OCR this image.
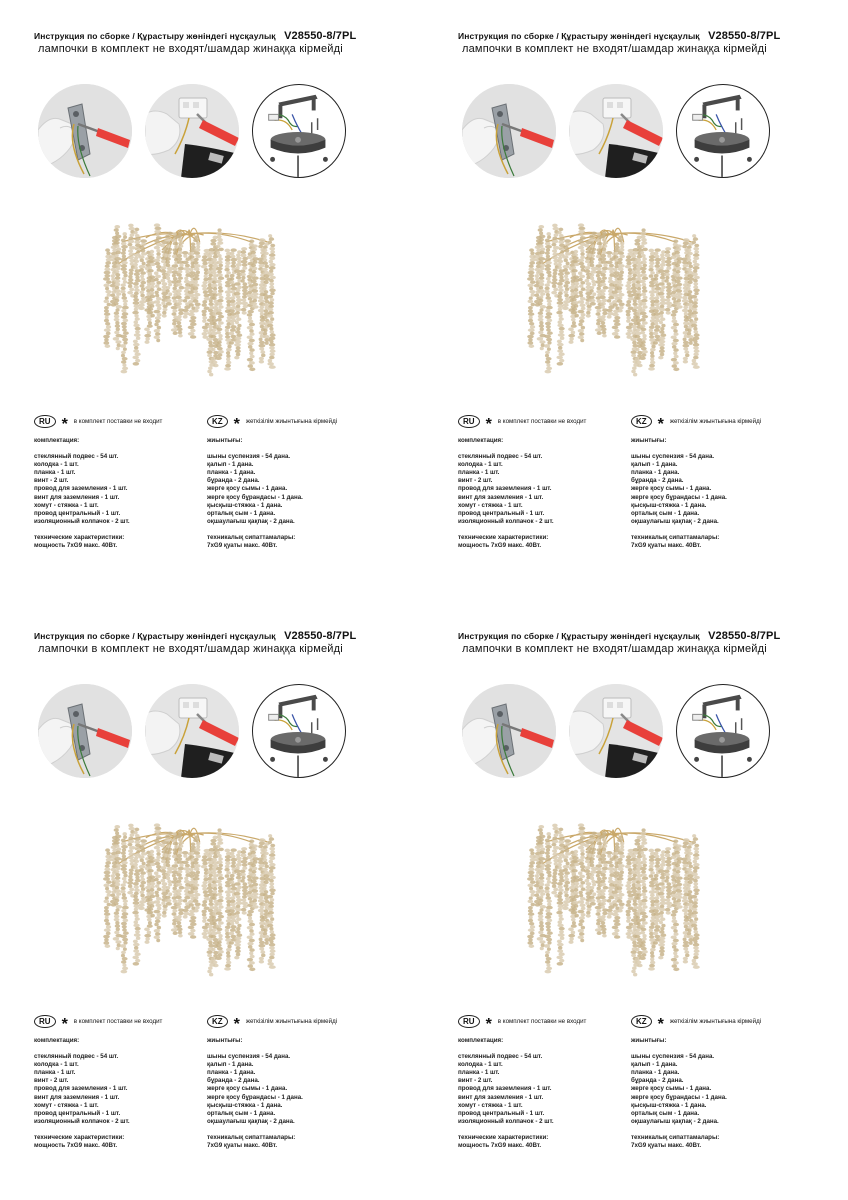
Инструкция по сборке / Құрастыру жөніндегі нұсқаулық V28550-8/7PL
лампочки в комплект не входят/шамдар жинаққа кірмейді
RU * в комплект поставки не входит	KZ * жеткізілім жиынтығына кірмейді
комплектация:
стеклянный подвес - 54 шт.
колодка - 1 шт.
планка - 1 шт.
винт - 2 шт.
провод для заземления - 1 шт.
винт для заземления - 1 шт.
хомут - стяжка - 1 шт.
провод центральный - 1 шт.
изоляционный колпачок - 2 шт.
технические характеристики:
мощность 7хG9 макс. 40Вт.
жиынтығы:
шыны суспензия - 54 дана.
қалып - 1 дана.
планка - 1 дана.
бұранда - 2 дана.
жерге қосу сымы - 1 дана.
жерге қосу бұрандасы - 1 дана.
қысқыш-стяжка - 1 дана.
орталық сым - 1 дана.
оқшаулағыш қақпақ - 2 дана.
техникалық сипаттамалары:
7хG9 қуаты макс. 40Вт.
Инструкция по сборке / Құрастыру жөніндегі нұсқаулық V28550-8/7PL
лампочки в комплект не входят/шамдар жинаққа кірмейді
RU * в комплект поставки не входит	KZ * жеткізілім жиынтығына кірмейді
комплектация:
стеклянный подвес - 54 шт.
колодка - 1 шт.
планка - 1 шт.
винт - 2 шт.
провод для заземления - 1 шт.
винт для заземления - 1 шт.
хомут - стяжка - 1 шт.
провод центральный - 1 шт.
изоляционный колпачок - 2 шт.
технические характеристики:
мощность 7хG9 макс. 40Вт.
жиынтығы:
шыны суспензия - 54 дана.
қалып - 1 дана.
планка - 1 дана.
бұранда - 2 дана.
жерге қосу сымы - 1 дана.
жерге қосу бұрандасы - 1 дана.
қысқыш-стяжка - 1 дана.
орталық сым - 1 дана.
оқшаулағыш қақпақ - 2 дана.
техникалық сипаттамалары:
7хG9 қуаты макс. 40Вт.
Инструкция по сборке / Құрастыру жөніндегі нұсқаулық V28550-8/7PL
лампочки в комплект не входят/шамдар жинаққа кірмейді
RU * в комплект поставки не входит	KZ * жеткізілім жиынтығына кірмейді
комплектация:
стеклянный подвес - 54 шт.
колодка - 1 шт.
планка - 1 шт.
винт - 2 шт.
провод для заземления - 1 шт.
винт для заземления - 1 шт.
хомут - стяжка - 1 шт.
провод центральный - 1 шт.
изоляционный колпачок - 2 шт.
технические характеристики:
мощность 7хG9 макс. 40Вт.
жиынтығы:
шыны суспензия - 54 дана.
қалып - 1 дана.
планка - 1 дана.
бұранда - 2 дана.
жерге қосу сымы - 1 дана.
жерге қосу бұрандасы - 1 дана.
қысқыш-стяжка - 1 дана.
орталық сым - 1 дана.
оқшаулағыш қақпақ - 2 дана.
техникалық сипаттамалары:
7хG9 қуаты макс. 40Вт.
Инструкция по сборке / Құрастыру жөніндегі нұсқаулық V28550-8/7PL
лампочки в комплект не входят/шамдар жинаққа кірмейді
RU * в комплект поставки не входит	KZ * жеткізілім жиынтығына кірмейді
комплектация:
стеклянный подвес - 54 шт.
колодка - 1 шт.
планка - 1 шт.
винт - 2 шт.
провод для заземления - 1 шт.
винт для заземления - 1 шт.
хомут - стяжка - 1 шт.
провод центральный - 1 шт.
изоляционный колпачок - 2 шт.
технические характеристики:
мощность 7хG9 макс. 40Вт.
жиынтығы:
шыны суспензия - 54 дана.
қалып - 1 дана.
планка - 1 дана.
бұранда - 2 дана.
жерге қосу сымы - 1 дана.
жерге қосу бұрандасы - 1 дана.
қысқыш-стяжка - 1 дана.
орталық сым - 1 дана.
оқшаулағыш қақпақ - 2 дана.
техникалық сипаттамалары:
7хG9 қуаты макс. 40Вт.
